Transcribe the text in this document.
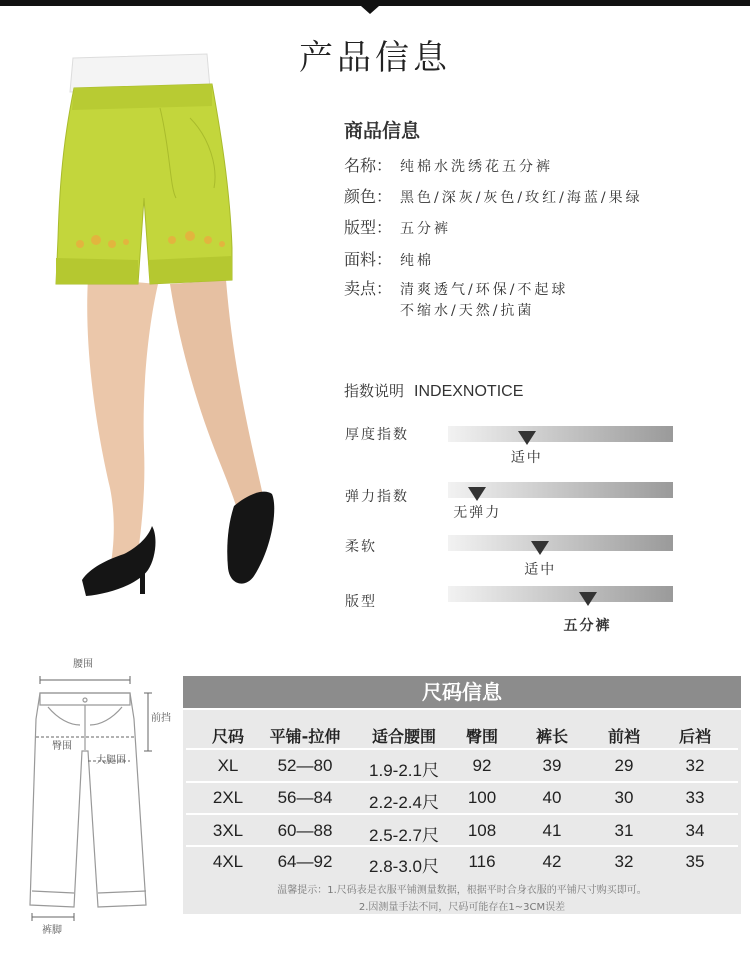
产品信息
商品信息
名称： 纯棉水洗绣花五分裤
颜色： 黑色/深灰/灰色/玫红/海蓝/果绿
版型： 五分裤
面料： 纯棉
卖点： 清爽透气/环保/不起球
不缩水/天然/抗菌
指数说明 INDEXNOTICE
厚度指数
适中
弹力指数
无弹力
柔软
适中
版型
五分裤
腰围
前挡
臀围
大腿围
裤脚
尺码信息
尺码	平铺-拉伸	适合腰围	臀围	裤长	前裆	后裆
XL	52—80	1.9-2.1尺	92	39	29	32
2XL	56—84	2.2-2.4尺	100	40	30	33
3XL	60—88	2.5-2.7尺	108	41	31	34
4XL	64—92	2.8-3.0尺	116	42	32	35
温馨提示：1.尺码表是衣服平铺测量数据，根据平时合身衣服的平铺尺寸购买即可。
2.因测量手法不同，尺码可能存在1~3CM误差
